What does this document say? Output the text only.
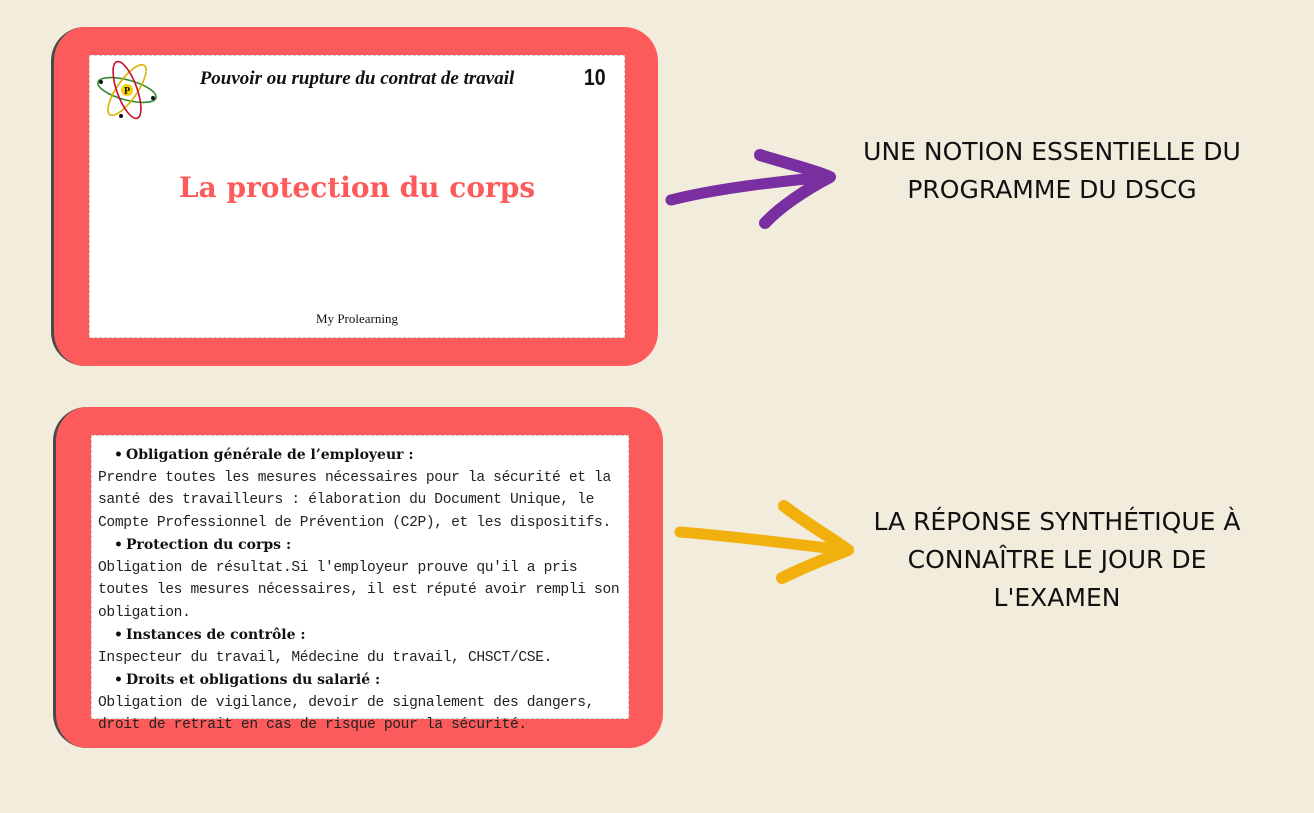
P
Pouvoir ou rupture du contrat de travail	10
La protection du corps
My Prolearning
• Obligation générale de l’employeur :
Prendre toutes les mesures nécessaires pour la sécurité et la santé des travailleurs : élaboration du Document Unique, le Compte Professionnel de Prévention (C2P), et les dispositifs.
• Protection du corps :
Obligation de résultat.Si l'employeur prouve qu'il a pris toutes les mesures nécessaires, il est réputé avoir rempli son obligation.
• Instances de contrôle :
Inspecteur du travail, Médecine du travail, CHSCT/CSE.
• Droits et obligations du salarié :
Obligation de vigilance, devoir de signalement des dangers, droit de retrait en cas de risque pour la sécurité.
UNE NOTION ESSENTIELLE DU PROGRAMME DU DSCG
LA RÉPONSE SYNTHÉTIQUE À CONNAÎTRE LE JOUR DE L'EXAMEN
